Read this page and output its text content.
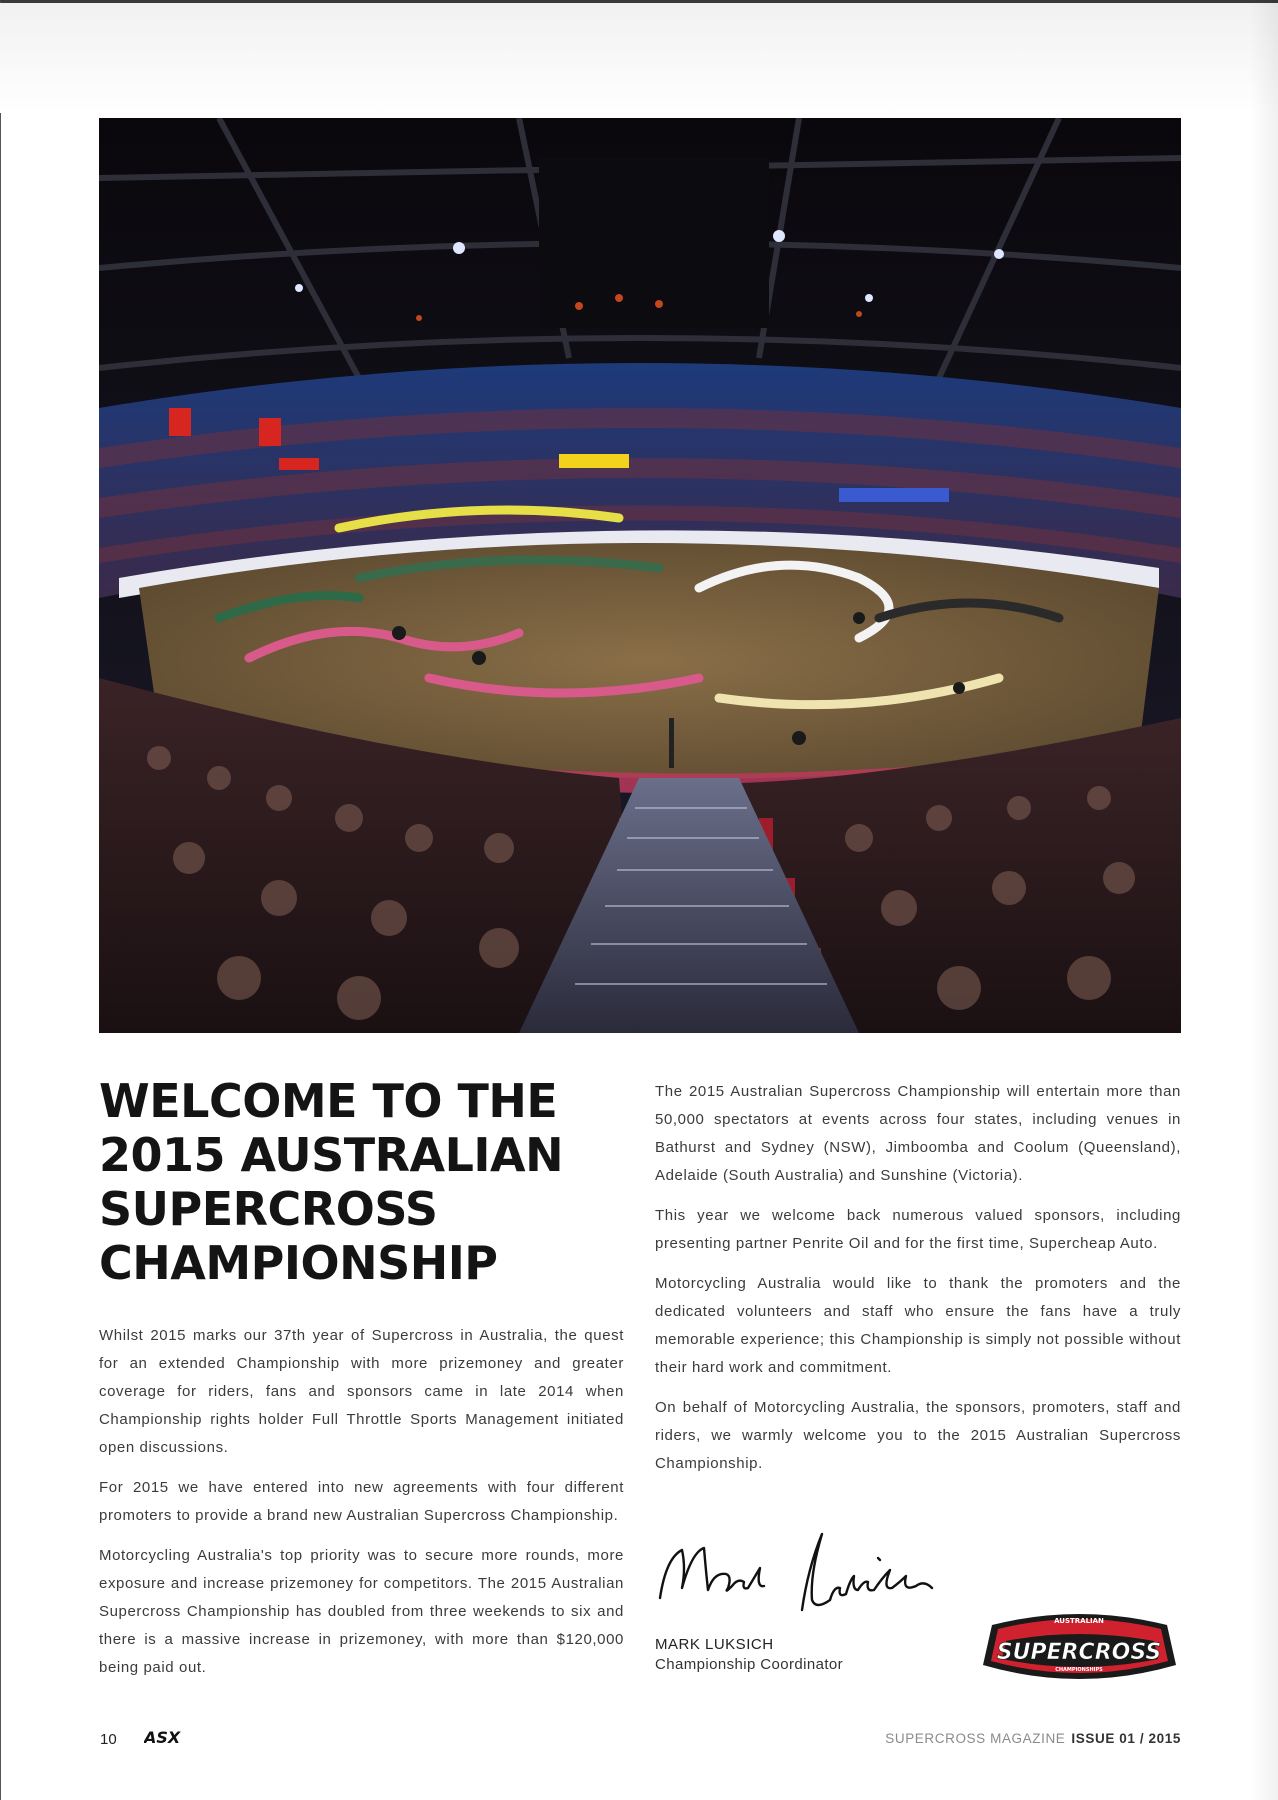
WELCOME TO THE
2015 AUSTRALIAN
SUPERCROSS
CHAMPIONSHIP

Whilst 2015 marks our 37th year of Supercross in Australia, the quest for an extended Championship with more prizemoney and greater coverage for riders, fans and sponsors came in late 2014 when Championship rights holder Full Throttle Sports Management initiated open discussions.

For 2015 we have entered into new agreements with four different promoters to provide a brand new Australian Supercross Championship.

Motorcycling Australia's top priority was to secure more rounds, more exposure and increase prizemoney for competitors. The 2015 Australian Supercross Championship has doubled from three weekends to six and there is a massive increase in prizemoney, with more than $120,000 being paid out.

The 2015 Australian Supercross Championship will entertain more than 50,000 spectators at events across four states, including venues in Bathurst and Sydney (NSW), Jimboomba and Coolum (Queensland), Adelaide (South Australia) and Sunshine (Victoria).

This year we welcome back numerous valued sponsors, including presenting partner Penrite Oil and for the first time, Supercheap Auto.

Motorcycling Australia would like to thank the promoters and the dedicated volunteers and staff who ensure the fans have a truly memorable experience; this Championship is simply not possible without their hard work and commitment.

On behalf of Motorcycling Australia, the sponsors, promoters, staff and riders, we warmly welcome you to the 2015 Australian Supercross Championship.

MARK LUKSICH
Championship Coordinator
AUSTRALIAN
SUPERCROSS
CHAMPIONSHIPS
10 ASX	SUPERCROSS MAGAZINE ISSUE 01 / 2015
